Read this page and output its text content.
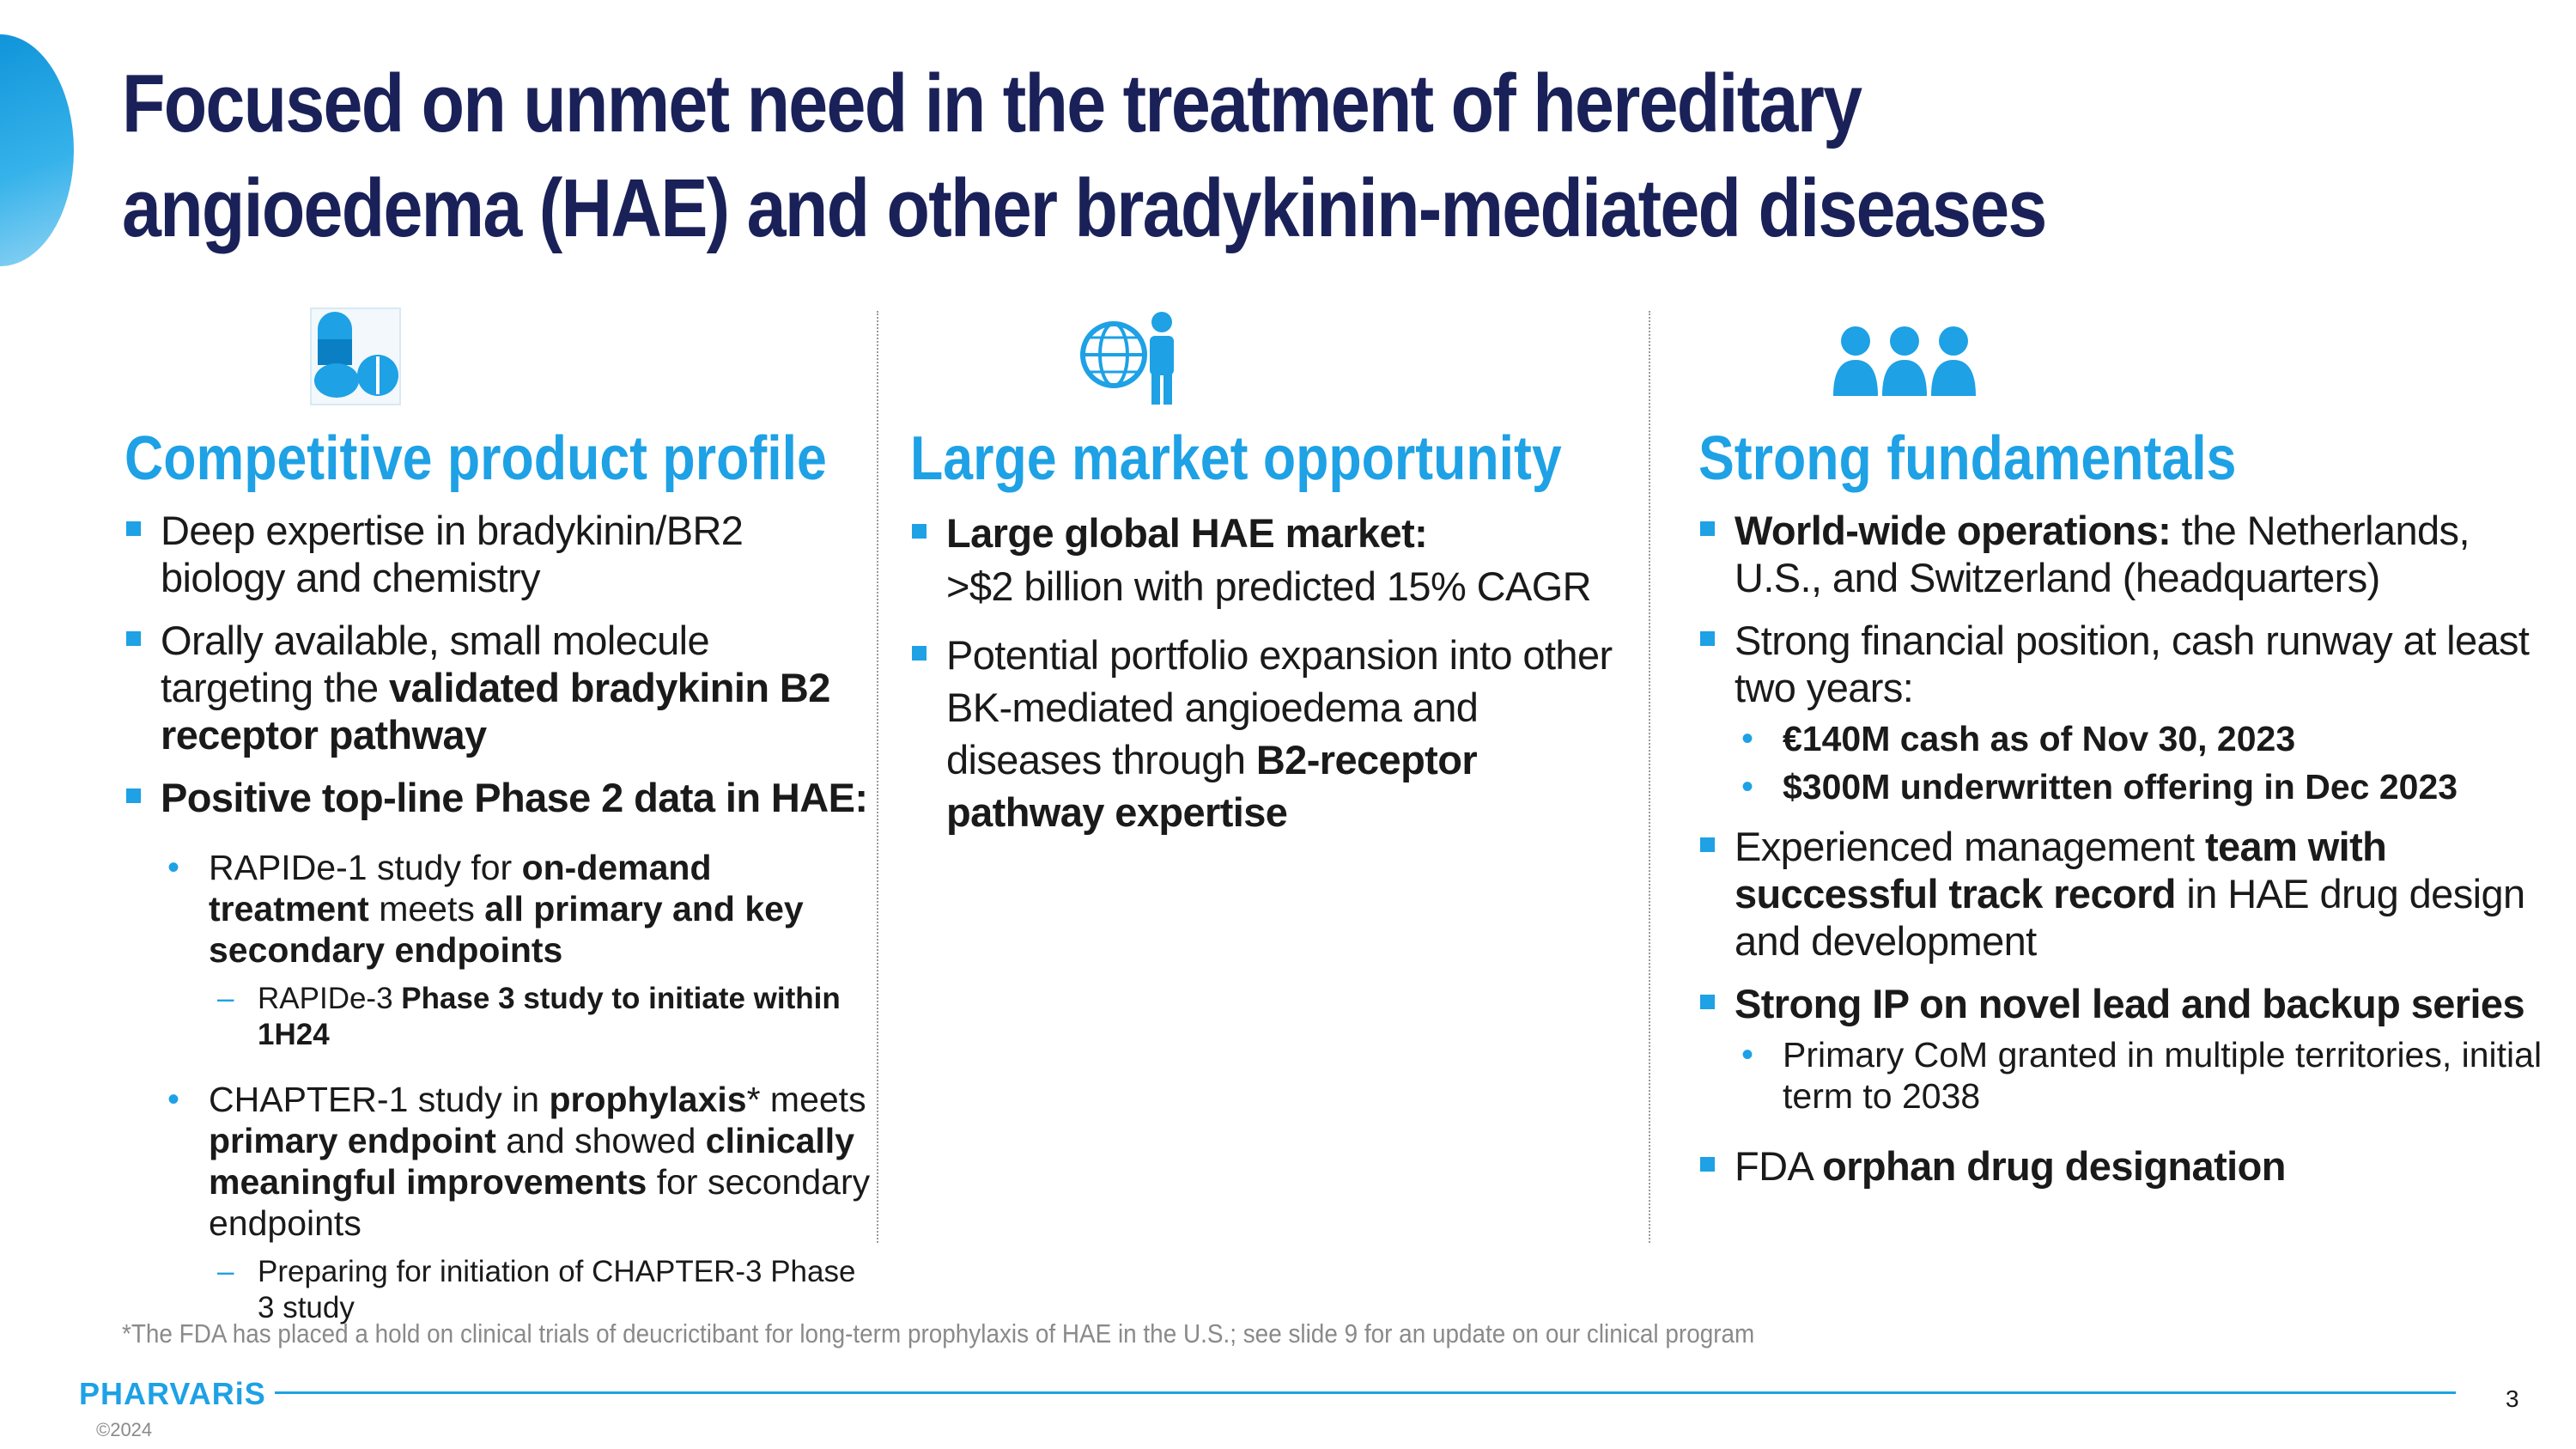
Focused on unmet need in the treatment of hereditary angioedema (HAE) and other bradykinin-mediated diseases
Competitive product profile
Deep expertise in bradykinin/BR2 biology and chemistry
Orally available, small molecule targeting the validated bradykinin B2 receptor pathway
Positive top-line Phase 2 data in HAE:
• RAPIDe-1 study for on-demand treatment meets all primary and key secondary endpoints
– RAPIDe-3 Phase 3 study to initiate within 1H24
• CHAPTER-1 study in prophylaxis* meets primary endpoint and showed clinically meaningful improvements for secondary endpoints
– Preparing for initiation of CHAPTER-3 Phase 3 study
Large market opportunity
Large global HAE market:
>$2 billion with predicted 15% CAGR
Potential portfolio expansion into other BK-mediated angioedema and diseases through B2-receptor pathway expertise
Strong fundamentals
World-wide operations: the Netherlands, U.S., and Switzerland (headquarters)
Strong financial position, cash runway at least two years:
• €140M cash as of Nov 30, 2023
• $300M underwritten offering in Dec 2023
Experienced management team with successful track record in HAE drug design and development
Strong IP on novel lead and backup series
• Primary CoM granted in multiple territories, initial term to 2038
FDA orphan drug designation
*The FDA has placed a hold on clinical trials of deucrictibant for long-term prophylaxis of HAE in the U.S.; see slide 9 for an update on our clinical program
PHARVARiS
©2024
3
